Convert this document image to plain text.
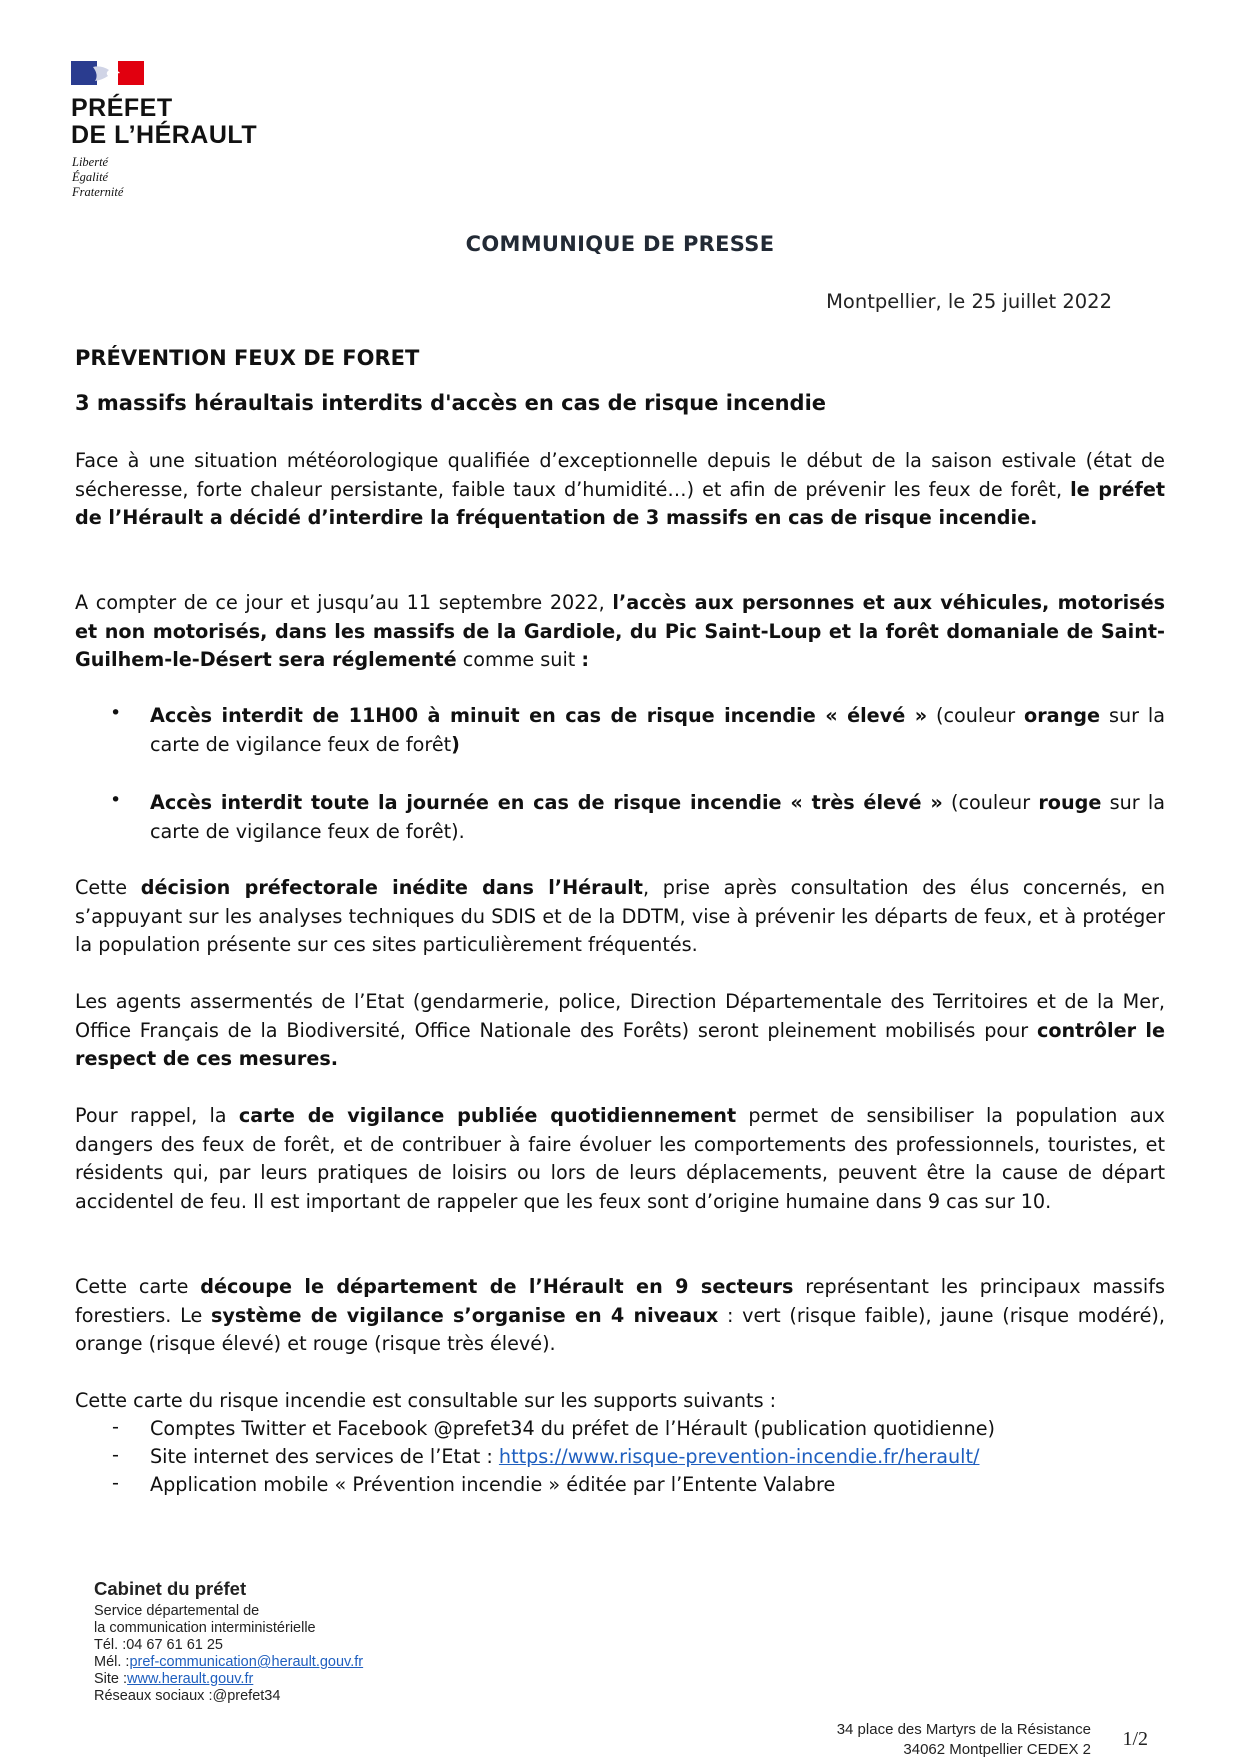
PRÉFET
DE L’HÉRAULT
Liberté
Égalité
Fraternité
COMMUNIQUE DE PRESSE
Montpellier, le 25 juillet 2022
PRÉVENTION FEUX DE FORET
3 massifs héraultais interdits d'accès en cas de risque incendie
Face à une situation météorologique qualifiée d’exceptionnelle depuis le début de la saison estivale (état de sécheresse, forte chaleur persistante, faible taux d’humidité…) et afin de prévenir les feux de forêt, le préfet de l’Hérault a décidé d’interdire la fréquentation de 3 massifs en cas de risque incendie.
A compter de ce jour et jusqu’au 11 septembre 2022, l’accès aux personnes et aux véhicules, motorisés et non motorisés, dans les massifs de la Gardiole, du Pic Saint-Loup et la forêt domaniale de Saint-Guilhem-le-Désert sera réglementé comme suit :
• Accès interdit de 11H00 à minuit en cas de risque incendie « élevé » (couleur orange sur la carte de vigilance feux de forêt)
• Accès interdit toute la journée en cas de risque incendie « très élevé » (couleur rouge sur la carte de vigilance feux de forêt).
Cette décision préfectorale inédite dans l’Hérault, prise après consultation des élus concernés, en s’appuyant sur les analyses techniques du SDIS et de la DDTM, vise à prévenir les départs de feux, et à protéger la population présente sur ces sites particulièrement fréquentés.
Les agents assermentés de l’Etat (gendarmerie, police, Direction Départementale des Territoires et de la Mer, Office Français de la Biodiversité, Office Nationale des Forêts) seront pleinement mobilisés pour contrôler le respect de ces mesures.
Pour rappel, la carte de vigilance publiée quotidiennement permet de sensibiliser la population aux dangers des feux de forêt, et de contribuer à faire évoluer les comportements des professionnels, touristes, et résidents qui, par leurs pratiques de loisirs ou lors de leurs déplacements, peuvent être la cause de départ accidentel de feu. Il est important de rappeler que les feux sont d’origine humaine dans 9 cas sur 10.
Cette carte découpe le département de l’Hérault en 9 secteurs représentant les principaux massifs forestiers. Le système de vigilance s’organise en 4 niveaux : vert (risque faible), jaune (risque modéré), orange (risque élevé) et rouge (risque très élevé).
Cette carte du risque incendie est consultable sur les supports suivants :
- Comptes Twitter et Facebook @prefet34 du préfet de l’Hérault (publication quotidienne)
- Site internet des services de l’Etat : https://www.risque-prevention-incendie.fr/herault/
- Application mobile « Prévention incendie » éditée par l’Entente Valabre
Cabinet du préfet
Service départemental de
la communication interministérielle
Tél. :04 67 61 61 25
Mél. :pref-communication@herault.gouv.fr
Site :www.herault.gouv.fr
Réseaux sociaux :@prefet34
34 place des Martyrs de la Résistance
34062 Montpellier CEDEX 2 1/2
